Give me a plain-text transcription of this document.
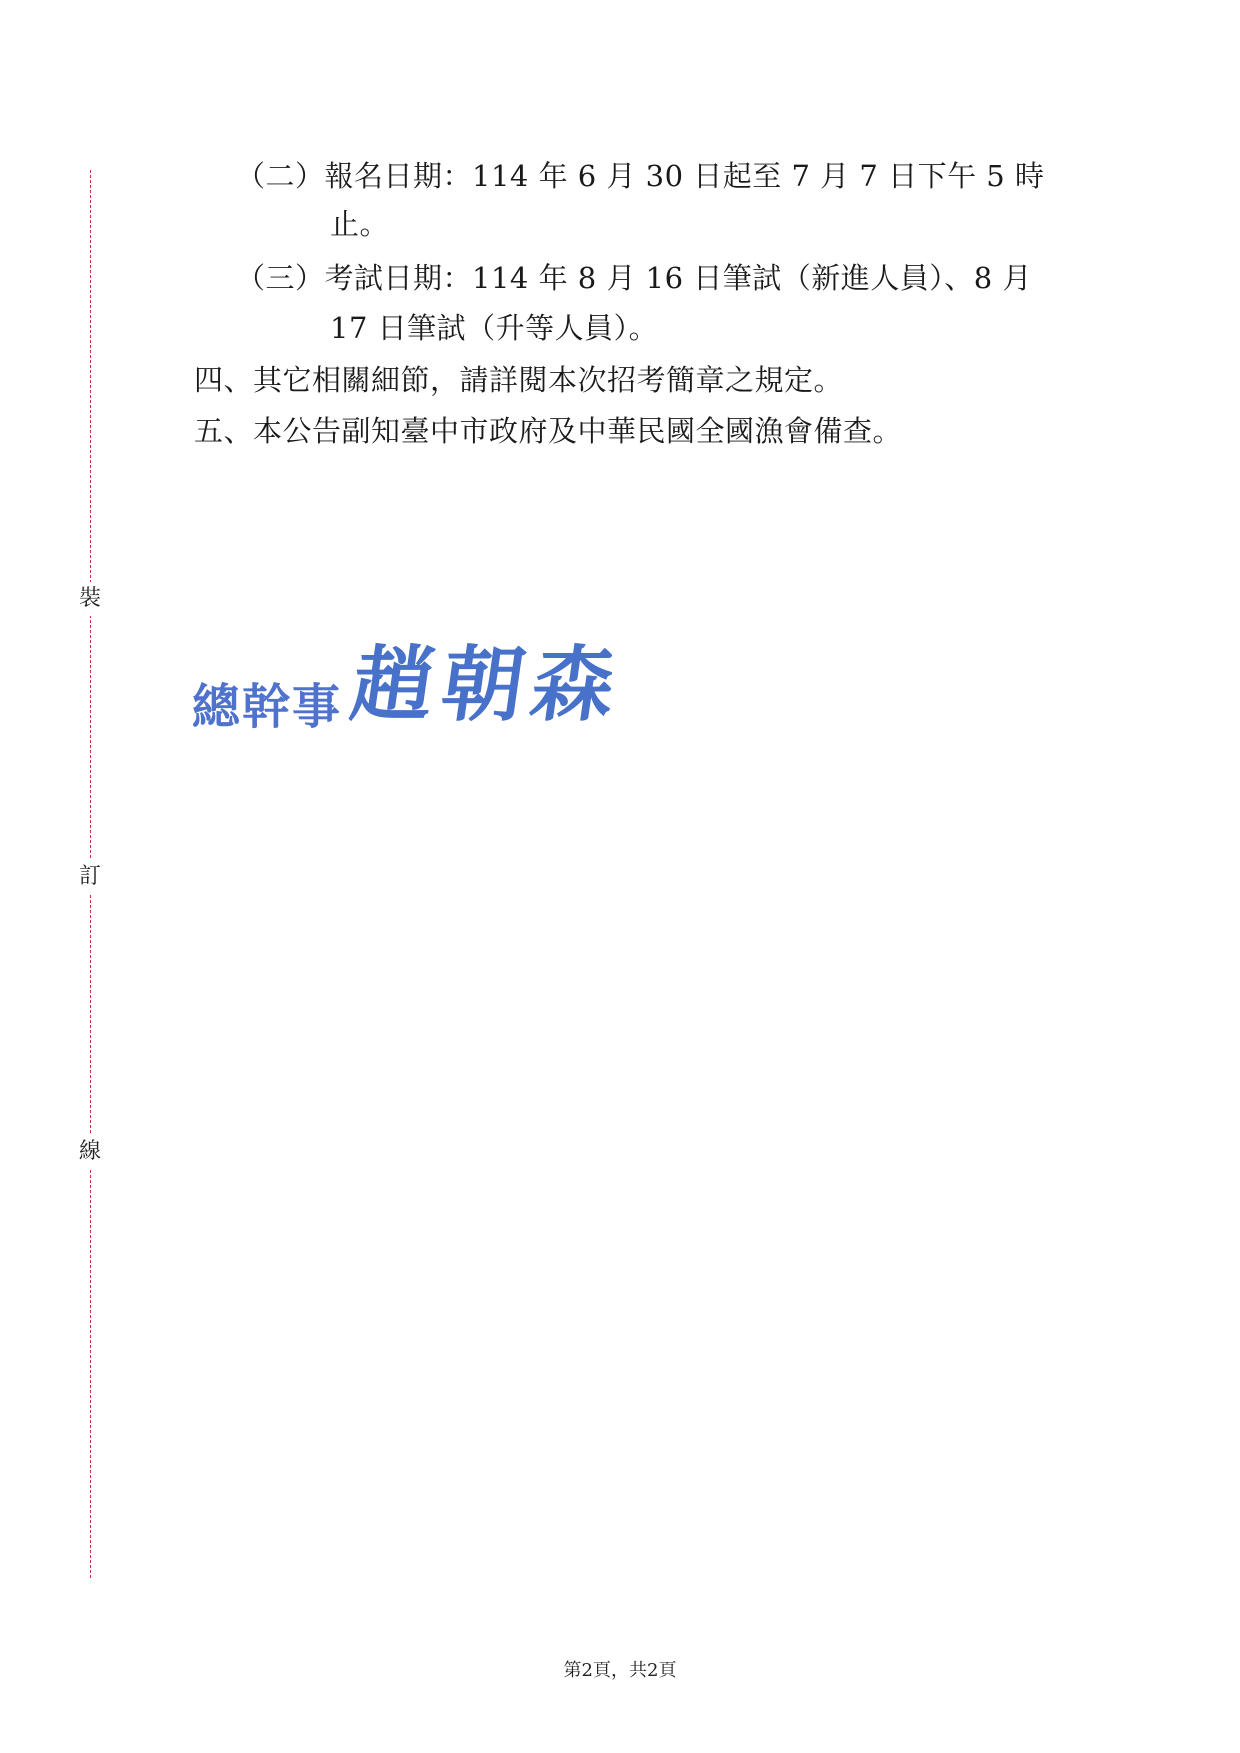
裝
訂
線
（二）報名日期：114 年 6 月 30 日起至 7 月 7 日下午 5 時
止。
（三）考試日期：114 年 8 月 16 日筆試（新進人員）、8 月
17 日筆試（升等人員）。
四、其它相關細節，請詳閱本次招考簡章之規定。
五、本公告副知臺中市政府及中華民國全國漁會備查。
總幹事 趙朝森
第2頁，共2頁
